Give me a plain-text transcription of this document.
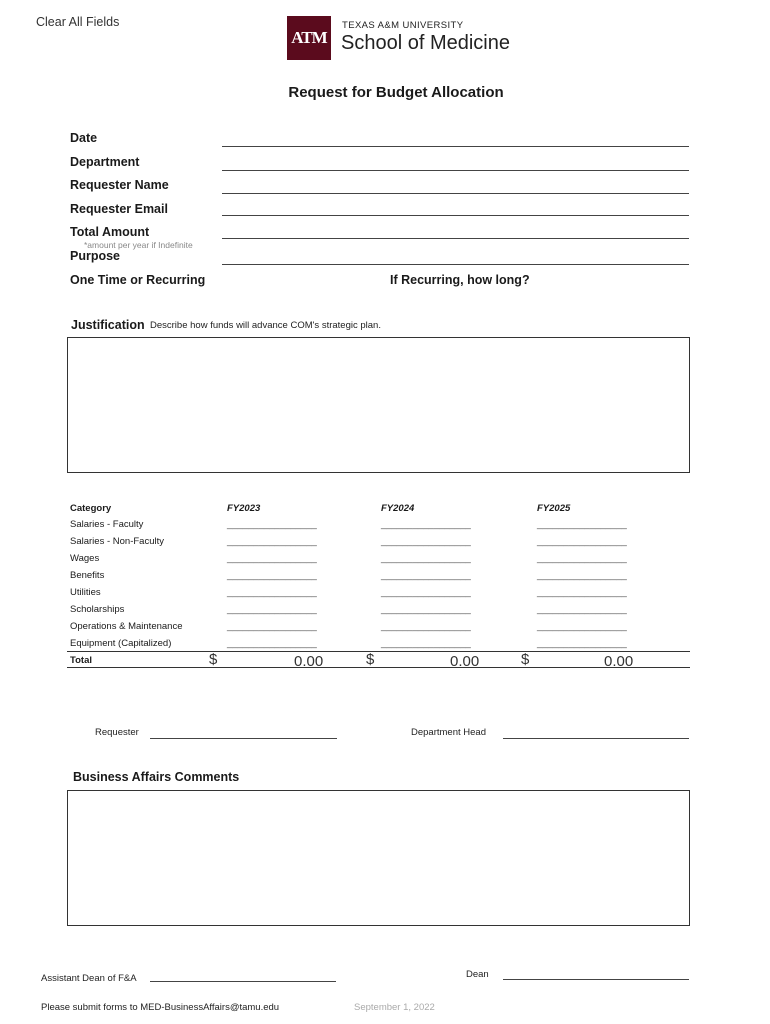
Clear All Fields
ATM
TEXAS A&M UNIVERSITY
School of Medicine
Request for Budget Allocation
Date
Department
Requester Name
Requester Email
Total Amount
*amount per year if Indefinite
Purpose
One Time or Recurring	If Recurring, how long?
Justification Describe how funds will advance COM's strategic plan.
Category	FY2023	FY2024	FY2025
Salaries - Faculty	_________________	_________________	_________________
Salaries - Non-Faculty	_________________	_________________	_________________
Wages	_________________	_________________	_________________
Benefits	_________________	_________________	_________________
Utilities	_________________	_________________	_________________
Scholarships	_________________	_________________	_________________
Operations & Maintenance	_________________	_________________	_________________
Equipment (Capitalized)	_________________	_________________	_________________
Total	$	0.00	$	0.00	$	0.00
Requester	Department Head
Business Affairs Comments
Assistant Dean of F&A	Dean
Please submit forms to MED-BusinessAffairs@tamu.edu	September 1, 2022
